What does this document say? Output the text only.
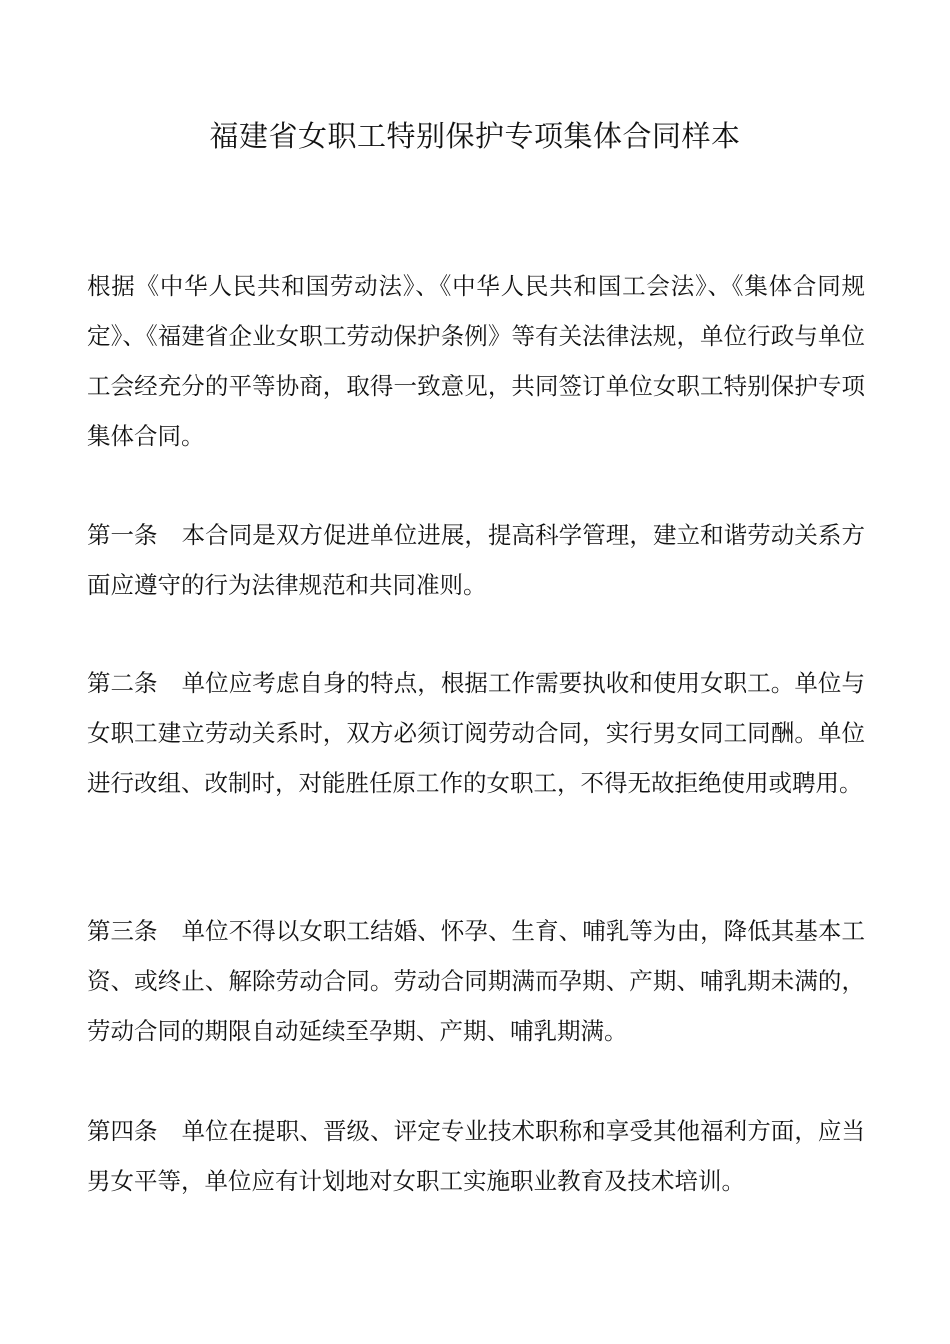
福建省女职工特别保护专项集体合同样本

根据《中华人民共和国劳动法》、《中华人民共和国工会法》、《集体合同规定》、《福建省企业女职工劳动保护条例》等有关法律法规，单位行政与单位工会经充分的平等协商，取得一致意见，共同签订单位女职工特别保护专项集体合同。

第一条 本合同是双方促进单位进展，提高科学管理，建立和谐劳动关系方面应遵守的行为法律规范和共同准则。

第二条 单位应考虑自身的特点，根据工作需要执收和使用女职工。单位与女职工建立劳动关系时，双方必须订阅劳动合同，实行男女同工同酬。单位进行改组、改制时，对能胜任原工作的女职工，不得无故拒绝使用或聘用。

第三条 单位不得以女职工结婚、怀孕、生育、哺乳等为由，降低其基本工资、或终止、解除劳动合同。劳动合同期满而孕期、产期、哺乳期未满的，劳动合同的期限自动延续至孕期、产期、哺乳期满。

第四条 单位在提职、晋级、评定专业技术职称和享受其他福利方面，应当男女平等，单位应有计划地对女职工实施职业教育及技术培训。
